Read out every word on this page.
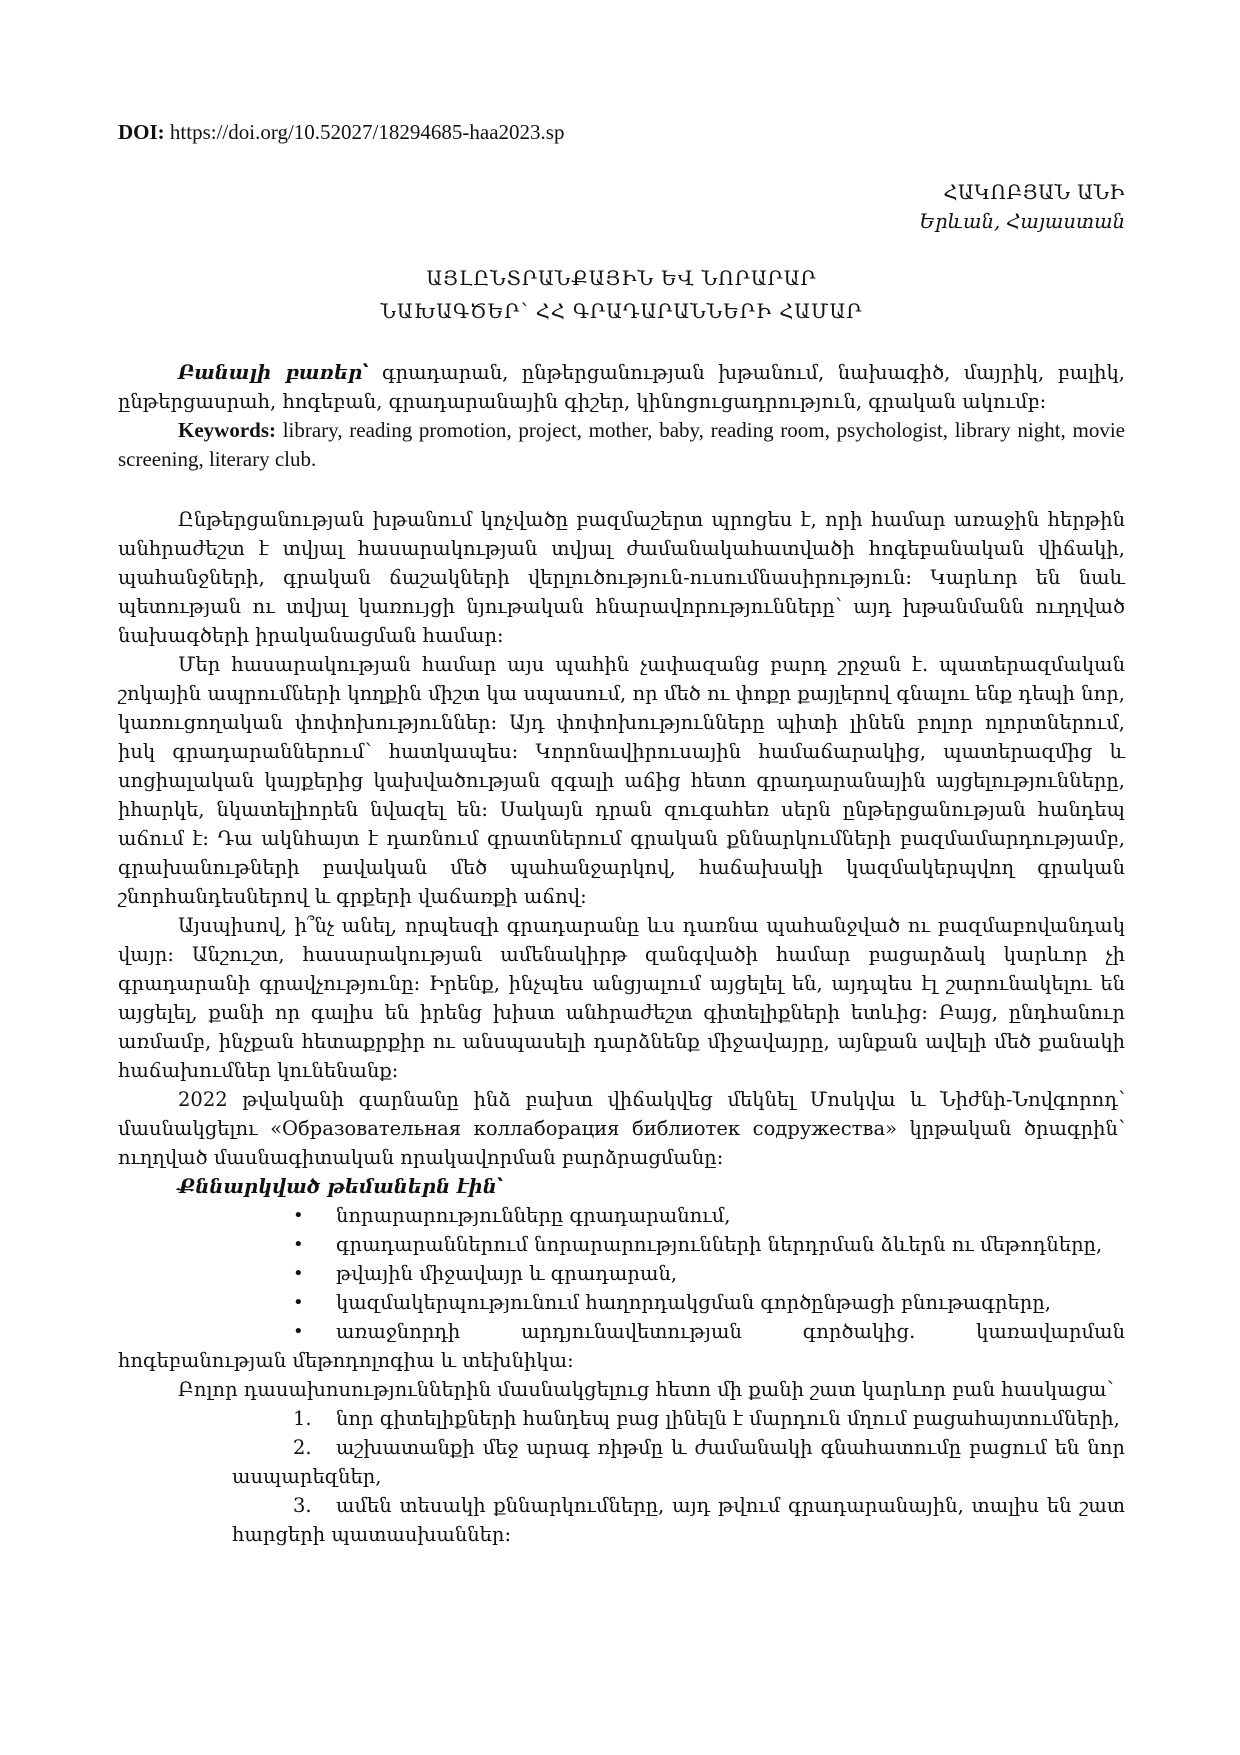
DOI: https://doi.org/10.52027/18294685-haa2023.sp
ՀԱԿՈԲՅԱՆ ԱՆԻ
Երևան, Հայաստան
ԱՅԼԸՆՏՐԱՆՔԱՅԻՆ ԵՎ ՆՈՐԱՐԱՐ
ՆԱԽԱԳԾԵՐ՝ ՀՀ ԳՐԱԴԱՐԱՆՆԵՐԻ ՀԱՄԱՐ

Բանալի բառեր՝ գրադարան, ընթերցանության խթանում, նախագիծ, մայրիկ, բալիկ, ընթերցասրահ, հոգեբան, գրադարանային գիշեր, կինոցուցադրություն, գրական ակումբ։

Keywords: library, reading promotion, project, mother, baby, reading room, psychologist, library night, movie screening, literary club.

Ընթերցանության խթանում կոչվածը բազմաշերտ պրոցես է, որի համար առաջին հերթին անհրաժեշտ է տվյալ հասարակության տվյալ ժամանակահատվածի հոգեբանական վիճակի, պահանջների, գրական ճաշակների վերլուծություն-ուսումնասիրություն։ Կարևոր են նաև պետության ու տվյալ կառույցի նյութական հնարավորությունները՝ այդ խթանմանն ուղղված նախագծերի իրականացման համար։

Մեր հասարակության համար այս պահին չափազանց բարդ շրջան է. պատերազմական շոկային ապրումների կողքին միշտ կա սպասում, որ մեծ ու փոքր քայլերով գնալու ենք դեպի նոր, կառուցողական փոփոխություններ։ Այդ փոփոխությունները պիտի լինեն բոլոր ոլորտներում, իսկ գրադարաններում՝ հատկապես։ Կորոնավիրուսային համաճարակից, պատերազմից և սոցիալական կայքերից կախվածության զգալի աճից հետո գրադարանային այցելությունները, իհարկե, նկատելիորեն նվազել են։ Սակայն դրան զուգահեռ սերն ընթերցանության հանդեպ աճում է։ Դա ակնհայտ է դառնում գրատներում գրական քննարկումների բազմամարդությամբ, գրախանութների բավական մեծ պահանջարկով, հաճախակի կազմակերպվող գրական շնորհանդեսներով և գրքերի վաճառքի աճով։

Այսպիսով, ի՞նչ անել, որպեսզի գրադարանը ևս դառնա պահանջված ու բազմաբովանդակ վայր։ Անշուշտ, հասարակության ամենակիրթ զանգվածի համար բացարձակ կարևոր չի գրադարանի գրավչությունը։ Իրենք, ինչպես անցյալում այցելել են, այդպես էլ շարունակելու են այցելել, քանի որ գալիս են իրենց խիստ անհրաժեշտ գիտելիքների ետևից։ Բայց, ընդհանուր առմամբ, ինչքան հետաքրքիր ու անսպասելի դարձնենք միջավայրը, այնքան ավելի մեծ քանակի հաճախումներ կունենանք։

2022 թվականի գարնանը ինձ բախտ վիճակվեց մեկնել Մոսկվա և Նիժնի-Նովգորոդ՝ մասնակցելու «Образовательная коллаборация библиотек содружества» կրթական ծրագրին՝ ուղղված մասնագիտական որակավորման բարձրացմանը։

Քննարկված թեմաներն էին՝

• նորարարությունները գրադարանում,
• գրադարաններում նորարարությունների ներդրման ձևերն ու մեթոդները,
• թվային միջավայր և գրադարան,
• կազմակերպությունում հաղորդակցման գործընթացի բնութագրերը,
• առաջնորդի արդյունավետության գործակից. կառավարման հոգեբանության մեթոդոլոգիա և տեխնիկա։

Բոլոր դասախոսություններին մասնակցելուց հետո մի քանի շատ կարևոր բան հասկացա՝

1. նոր գիտելիքների հանդեպ բաց լինելն է մարդուն մղում բացահայտումների,
2. աշխատանքի մեջ արագ ռիթմը և ժամանակի գնահատումը բացում են նոր ասպարեզներ,
3. ամեն տեսակի քննարկումները, այդ թվում գրադարանային, տալիս են շատ հարցերի պատասխաններ։
